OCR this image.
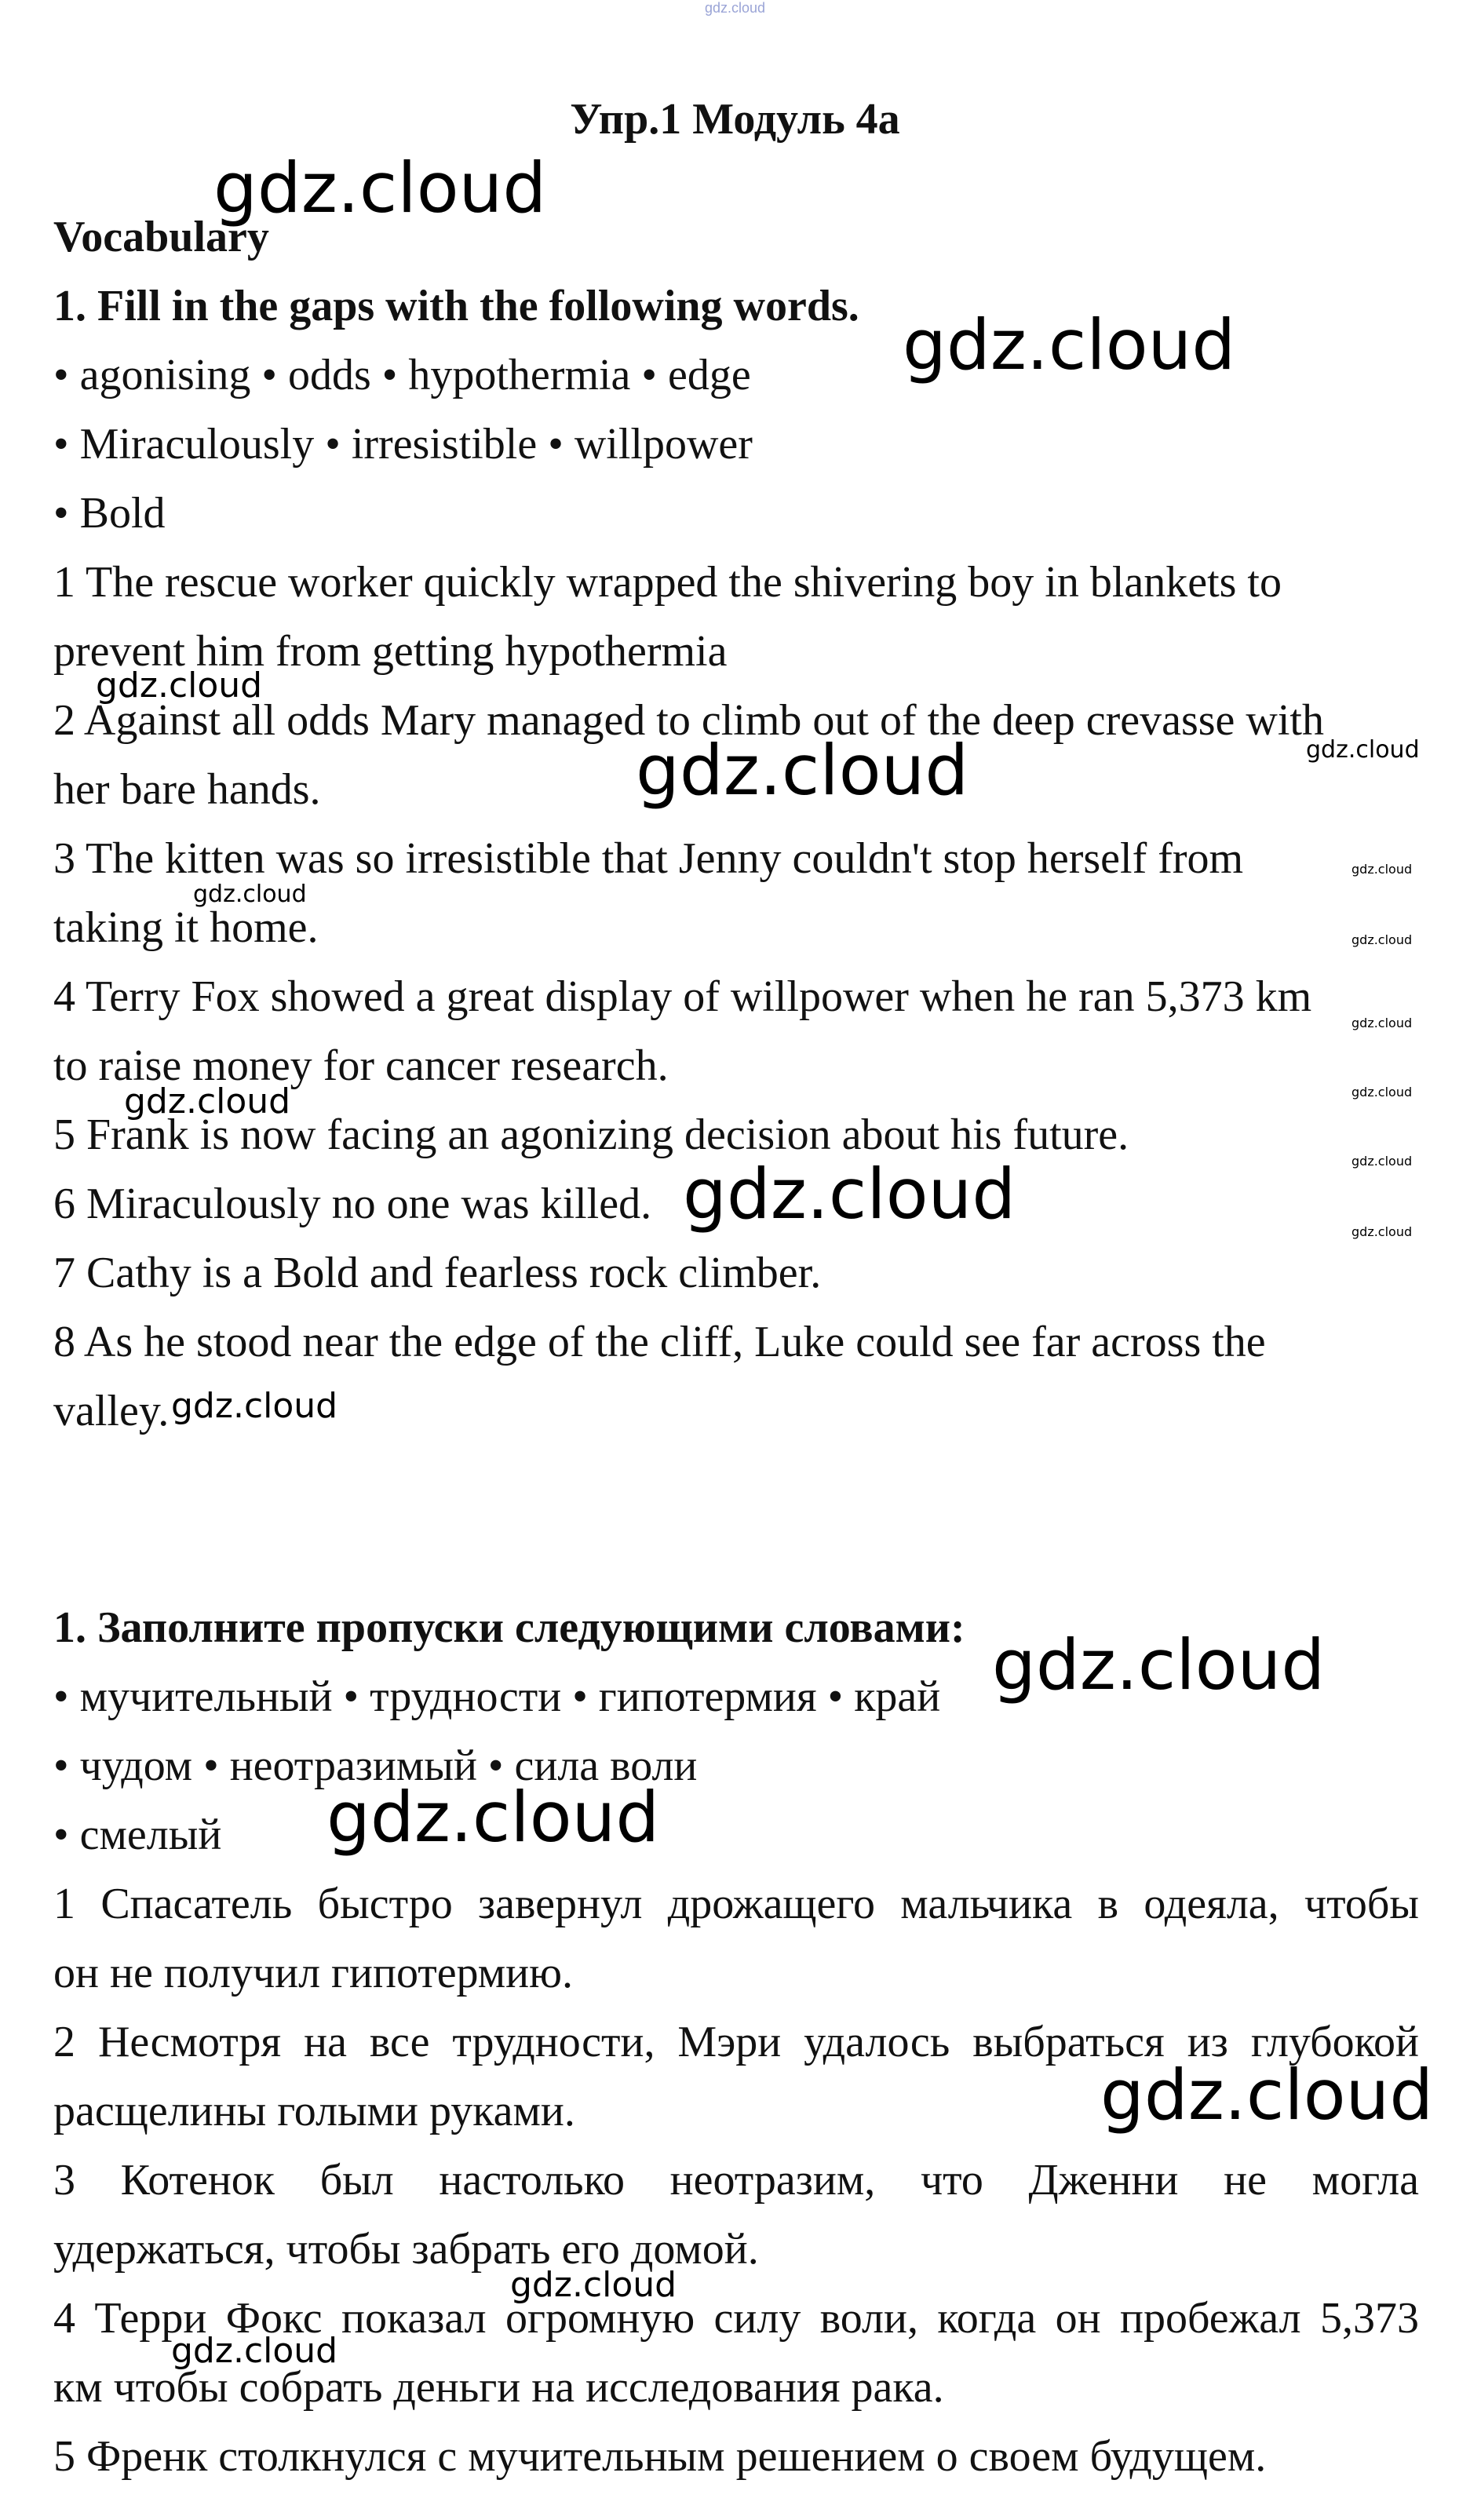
gdz.cloud
Упр.1 Модуль 4а
Vocabulary
1. Fill in the gaps with the following words.
• agonising • odds • hypothermia • edge
• Miraculously • irresistible • willpower
• Bold
1 The rescue worker quickly wrapped the shivering boy in blankets to
prevent him from getting hypothermia
2 Against all odds Mary managed to climb out of the deep crevasse with
her bare hands.
3 The kitten was so irresistible that Jenny couldn't stop herself from
taking it home.
4 Terry Fox showed a great display of willpower when he ran 5,373 km
to raise money for cancer research.
5 Frank is now facing an agonizing decision about his future.
6 Miraculously no one was killed.
7 Cathy is a Bold and fearless rock climber.
8 As he stood near the edge of the cliff, Luke could see far across the
valley.
1. Заполните пропуски следующими словами:
• мучительный • трудности • гипотермия • край
• чудом • неотразимый • сила воли
• смелый
1 Спасатель быстро завернул дрожащего мальчика в одеяла, чтобы
он не получил гипотермию.
2 Несмотря на все трудности, Мэри удалось выбраться из глубокой
расщелины голыми руками.
3 Котенок был настолько неотразим, что Дженни не могла
удержаться, чтобы забрать его домой.
4 Терри Фокс показал огромную силу воли, когда он пробежал 5,373
км чтобы собрать деньги на исследования рака.
5 Френк столкнулся с мучительным решением о своем будущем.
gdz.cloud
gdz.cloud
gdz.cloud
gdz.cloud
gdz.cloud
gdz.cloud
gdz.cloud
gdz.cloud
gdz.cloud
gdz.cloud	gdz.cloud
gdz.cloud
gdz.cloud
gdz.cloud
gdz.cloud
gdz.cloud
gdz.cloud
gdz.cloud
gdz.cloud
gdz.cloud
